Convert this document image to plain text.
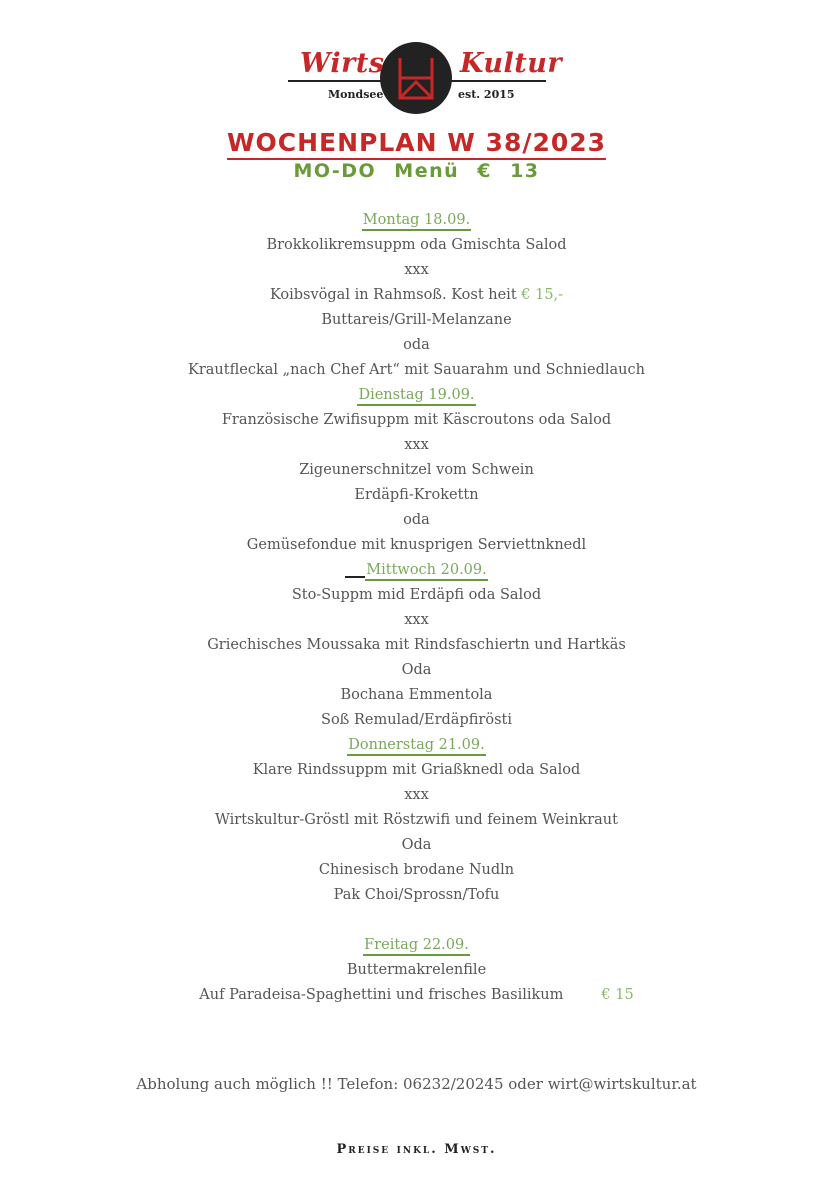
Wirts	Kultur
Mondsee	est. 2015
WOCHENPLAN W 38/2023
MO-DO Menü € 13
Montag 18.09.
Brokkolikremsuppm oda Gmischta Salod
xxx
Koibsvögal in Rahmsoß. Kost heit € 15,-
Buttareis/Grill-Melanzane
oda
Krautfleckal „nach Chef Art“ mit Sauarahm und Schniedlauch
Dienstag 19.09.
Französische Zwifisuppm mit Käscroutons oda Salod
xxx
Zigeunerschnitzel vom Schwein
Erdäpfi-Krokettn
oda
Gemüsefondue mit knusprigen Serviettnknedl
Mittwoch 20.09.
Sto-Suppm mid Erdäpfi oda Salod
xxx
Griechisches Moussaka mit Rindsfaschiertn und Hartkäs
Oda
Bochana Emmentola
Soß Remulad/Erdäpfirösti
Donnerstag 21.09.
Klare Rindssuppm mit Griaßknedl oda Salod
xxx
Wirtskultur-Gröstl mit Röstzwifi und feinem Weinkraut
Oda
Chinesisch brodane Nudln
Pak Choi/Sprossn/Tofu
Freitag 22.09.
Buttermakrelenfile
Auf Paradeisa-Spaghettini und frisches Basilikum	€ 15
Abholung auch möglich !! Telefon: 06232/20245 oder wirt@wirtskultur.at
Preise inkl. Mwst.
